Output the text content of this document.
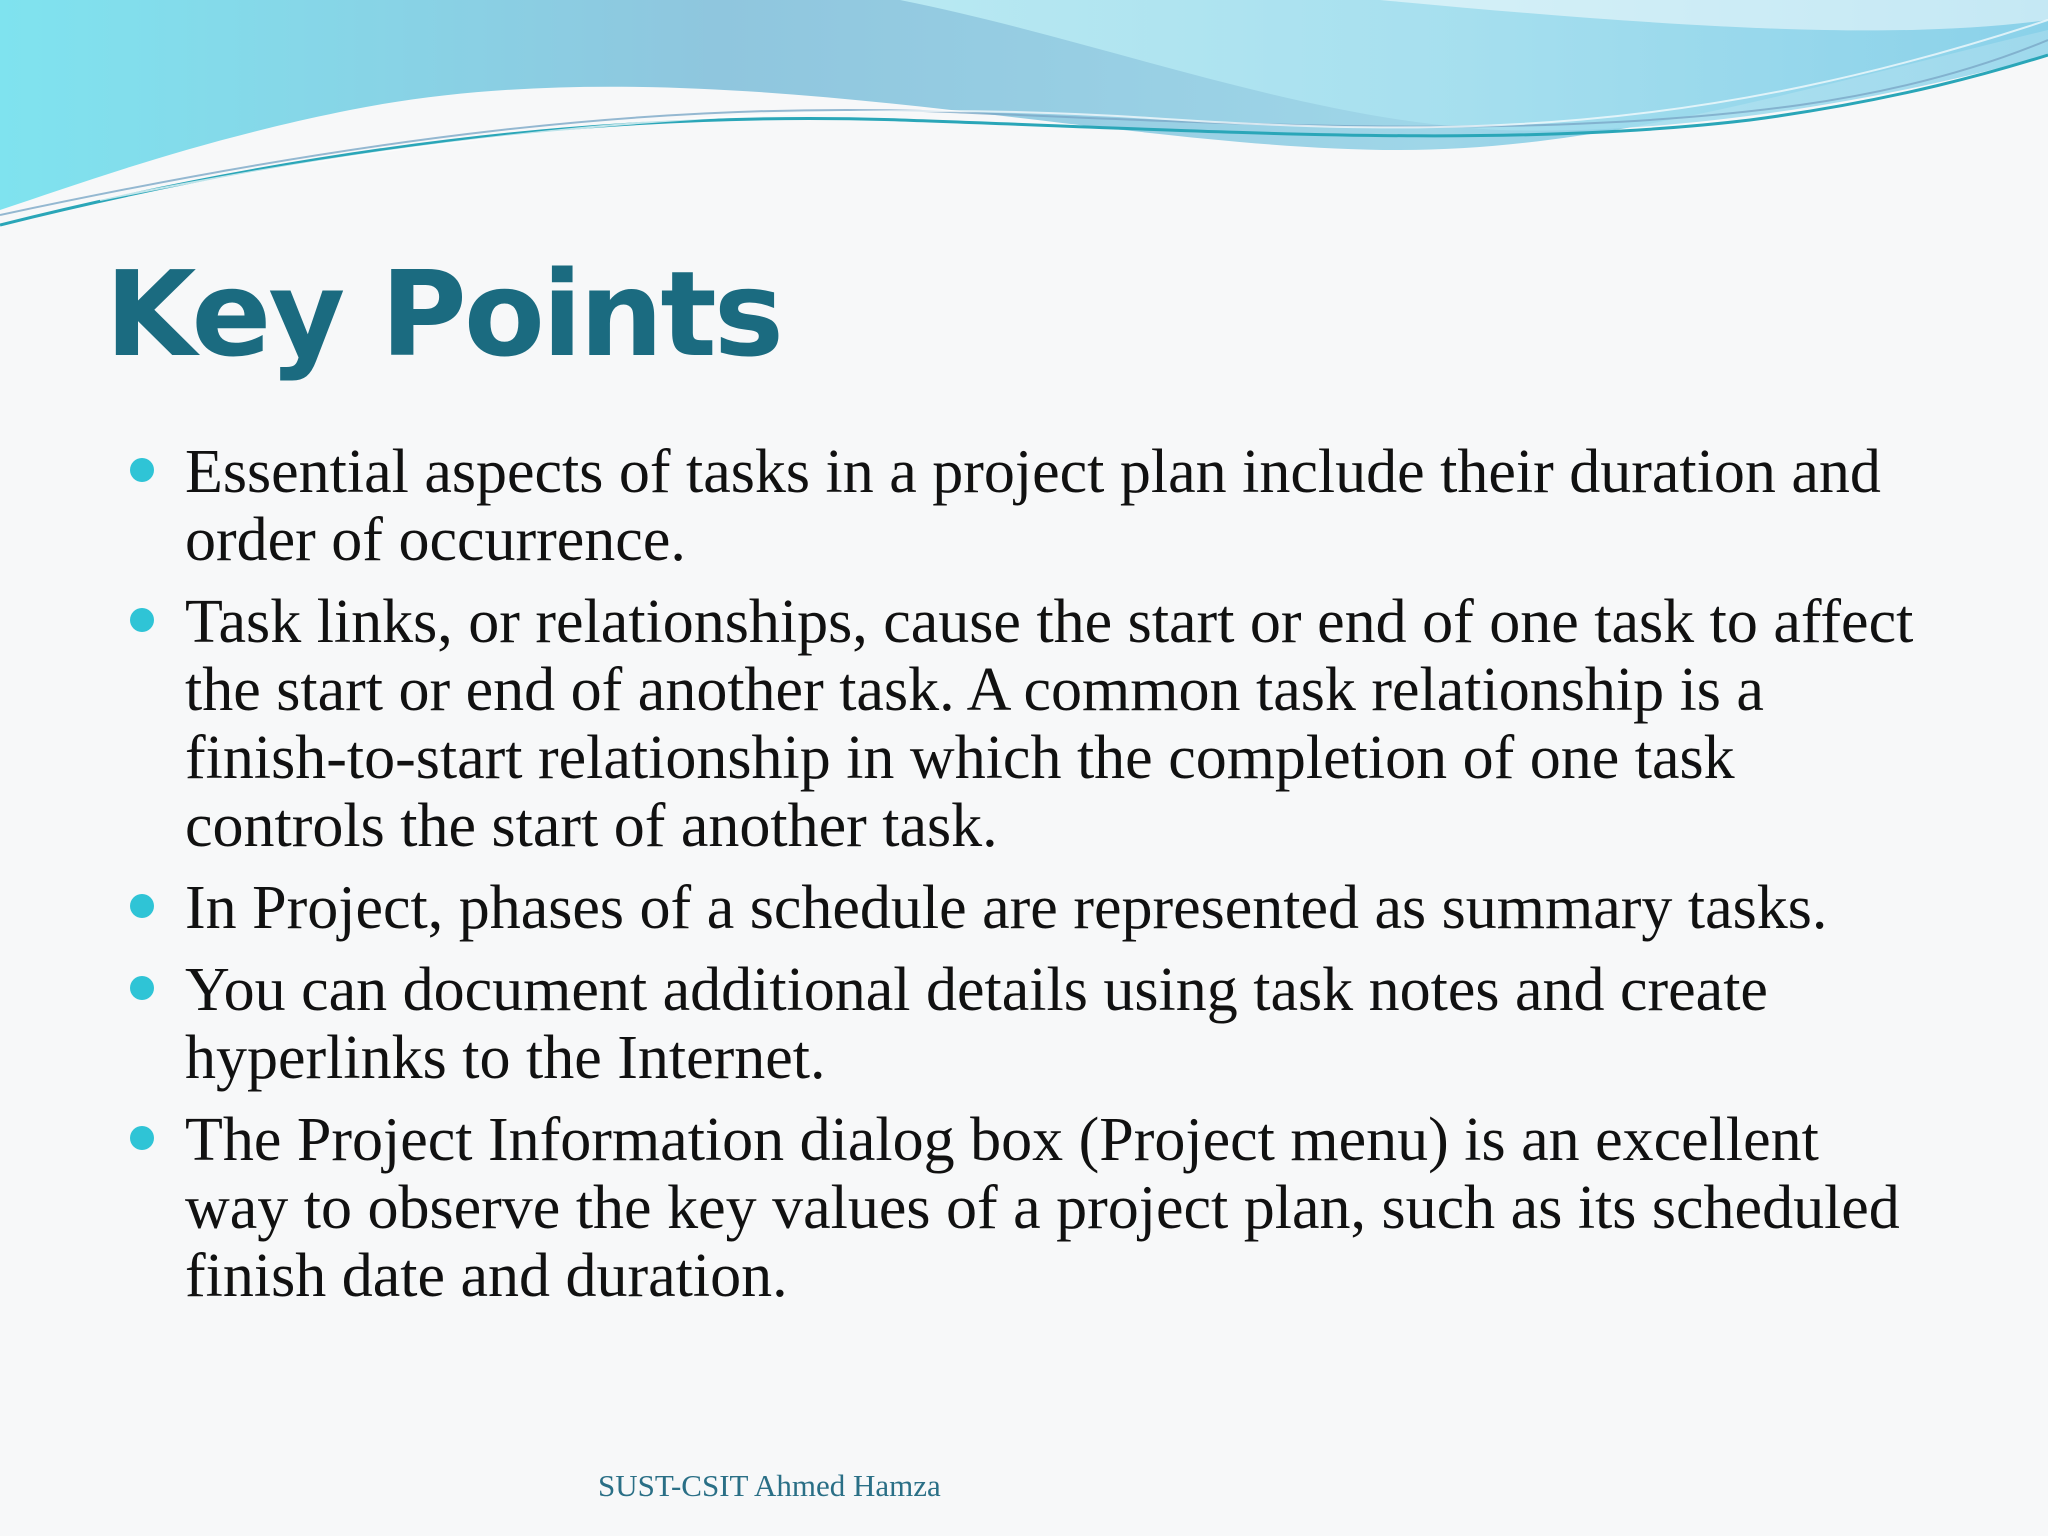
Key Points
Essential aspects of tasks in a project plan include their duration and order of occurrence.
Task links, or relationships, cause the start or end of one task to affect the start or end of another task. A common task relationship is a finish-to-start relationship in which the completion of one task controls the start of another task.
In Project, phases of a schedule are represented as summary tasks.
You can document additional details using task notes and create hyperlinks to the Internet.
The Project Information dialog box (Project menu) is an excellent way to observe the key values of a project plan, such as its scheduled finish date and duration.
SUST-CSIT Ahmed Hamza
